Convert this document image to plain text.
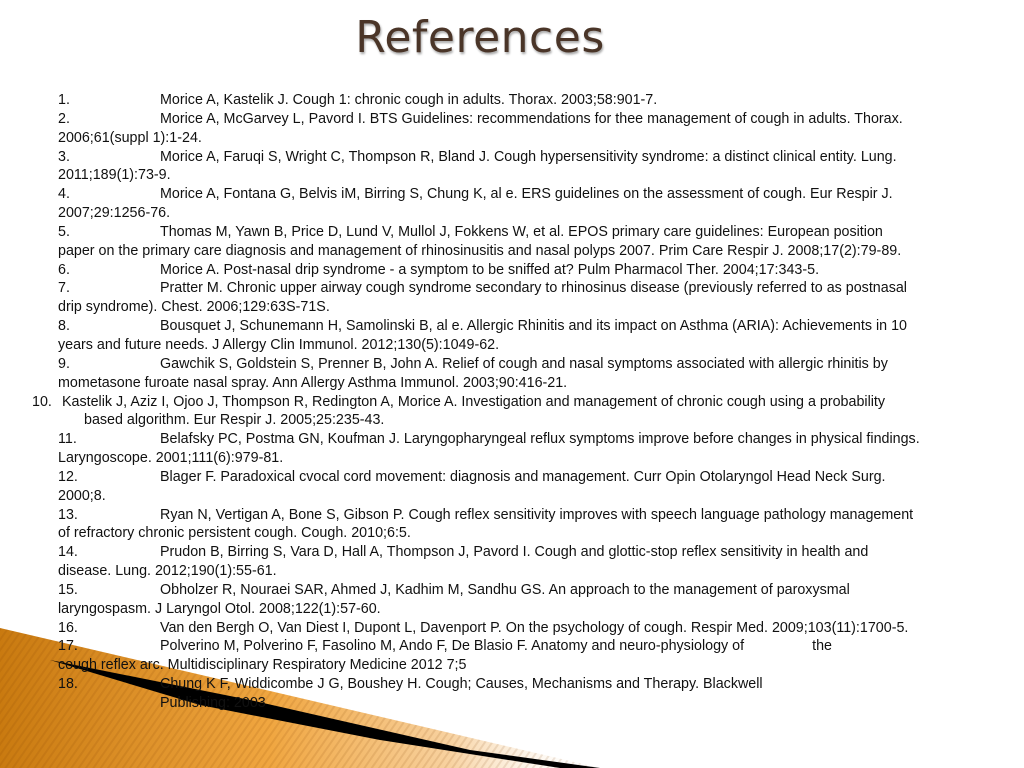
References

1.	Morice A, Kastelik J. Cough 1: chronic cough in adults. Thorax. 2003;58:901-7.

2.	Morice A, McGarvey L, Pavord I. BTS Guidelines: recommendations for thee management of cough in adults. Thorax. 2006;61(suppl 1):1-24.

3.	Morice A, Faruqi S, Wright C, Thompson R, Bland J. Cough hypersensitivity syndrome: a distinct clinical entity. Lung. 2011;189(1):73-9.

4.	Morice A, Fontana G, Belvis iM, Birring S, Chung K, al e. ERS guidelines on the assessment of cough. Eur Respir J. 2007;29:1256-76.

5.	Thomas M, Yawn B, Price D, Lund V, Mullol J, Fokkens W, et al. EPOS primary care guidelines: European position paper on the primary care diagnosis and management of rhinosinusitis and nasal polyps 2007. Prim Care Respir J. 2008;17(2):79-89.

6.	Morice A. Post-nasal drip syndrome - a symptom to be sniffed at? Pulm Pharmacol Ther. 2004;17:343-5.

7.	Pratter M. Chronic upper airway cough syndrome secondary to rhinosinus disease (previously referred to as postnasal drip syndrome). Chest. 2006;129:63S-71S.

8.	Bousquet J, Schunemann H, Samolinski B, al e. Allergic Rhinitis and its impact on Asthma (ARIA): Achievements in 10 years and future needs. J Allergy Clin Immunol. 2012;130(5):1049-62.

9.	Gawchik S, Goldstein S, Prenner B, John A. Relief of cough and nasal symptoms associated with allergic rhinitis by mometasone furoate nasal spray. Ann Allergy Asthma Immunol. 2003;90:416-21.

10. Kastelik J, Aziz I, Ojoo J, Thompson R, Redington A, Morice A. Investigation and management of chronic cough using a probability based algorithm. Eur Respir J. 2005;25:235-43.

11.	Belafsky PC, Postma GN, Koufman J. Laryngopharyngeal reflux symptoms improve before changes in physical findings. Laryngoscope. 2001;111(6):979-81.

12.	Blager F. Paradoxical cvocal cord movement: diagnosis and management. Curr Opin Otolaryngol Head Neck Surg. 2000;8.

13.	Ryan N, Vertigan A, Bone S, Gibson P. Cough reflex sensitivity improves with speech language pathology management of refractory chronic persistent cough. Cough. 2010;6:5.

14.	Prudon B, Birring S, Vara D, Hall A, Thompson J, Pavord I. Cough and glottic-stop reflex sensitivity in health and disease. Lung. 2012;190(1):55-61.

15.	Obholzer R, Nouraei SAR, Ahmed J, Kadhim M, Sandhu GS. An approach to the management of paroxysmal laryngospasm. J Laryngol Otol. 2008;122(1):57-60.

16.	Van den Bergh O, Van Diest I, Dupont L, Davenport P. On the psychology of cough. Respir Med. 2009;103(11):1700-5.

17.	Polverino M, Polverino F, Fasolino M, Ando F, De Blasio F. Anatomy and neuro-physiology of	the
cough reflex arc. Multidisciplinary Respiratory Medicine 2012 7;5

18.	Chung K F, Widdicombe J G, Boushey H. Cough; Causes, Mechanisms and Therapy. Blackwell
Publishing: 2003
